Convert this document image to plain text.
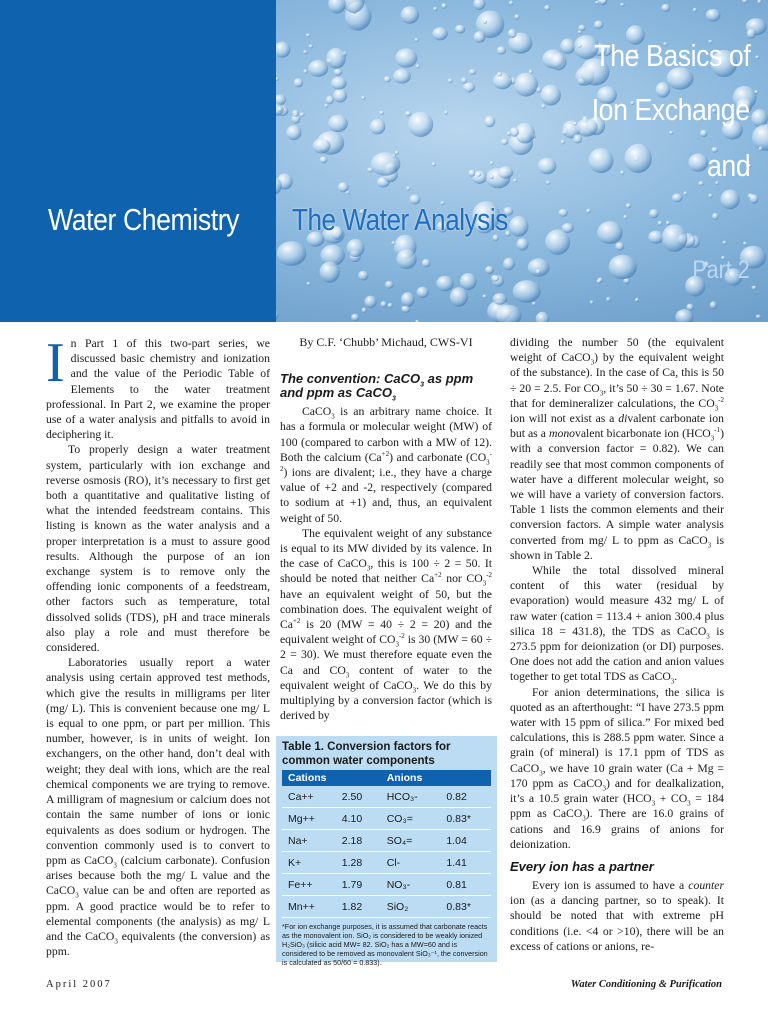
The Basics of
Ion Exchange
and
Water Chemistry
Part 2
The Water Analysis

In Part 1 of this two-part series, we discussed basic chemistry and ionization and the value of the Periodic Table of Elements to the water treatment professional. In Part 2, we examine the proper use of a water analysis and pitfalls to avoid in deciphering it.

To properly design a water treatment system, particularly with ion exchange and reverse osmosis (RO), it’s necessary to first get both a quantitative and qualitative listing of what the intended feedstream contains. This listing is known as the water analysis and a proper interpretation is a must to assure good results. Although the purpose of an ion exchange system is to remove only the offending ionic components of a feedstream, other factors such as temperature, total dissolved solids (TDS), pH and trace minerals also play a role and must therefore be considered.

Laboratories usually report a water analysis using certain approved test methods, which give the results in milligrams per liter (mg/ L). This is convenient because one mg/ L is equal to one ppm, or part per million. This number, however, is in units of weight. Ion exchangers, on the other hand, don’t deal with weight; they deal with ions, which are the real chemical components we are trying to remove. A milligram of magnesium or calcium does not contain the same number of ions or ionic equivalents as does sodium or hydrogen. The convention commonly used is to convert to ppm as CaCO$_3$ (calcium carbonate). Confusion arises because both the mg/ L value and the CaCO$_3$ value can be and often are reported as ppm. A good practice would be to refer to elemental components (the analysis) as mg/ L and the CaCO$_3$ equivalents (the conversion) as ppm.

By C.F. ‘Chubb’ Michaud, CWS-VI
The convention: CaCO$_3$ as ppm and ppm as CaCO$_3$

CaCO$_3$ is an arbitrary name choice. It has a formula or molecular weight (MW) of 100 (compared to carbon with a MW of 12). Both the calcium $(Ca^{+2})$ and carbonate $(CO_3^{-2})$ ions are divalent; i.e., they have a charge value of +2 and -2, respectively (compared to sodium at +1) and, thus, an equivalent weight of 50.

The equivalent weight of any substance is equal to its MW divided by its valence. In the case of CaCO$_3$, this is 100 ÷ 2 = 50. It should be noted that neither $Ca^{+2}$ nor $CO_3^{-2}$ have an equivalent weight of 50, but the combination does. The equivalent weight of $Ca^{+2}$ is 20 (MW = 40 ÷ 2 = 20) and the equivalent weight of $CO_3^{-2}$ is 30 (MW = 60 ÷ 2 = 30). We must therefore equate even the Ca and $CO_3$ content of water to the equivalent weight of CaCO$_3$. We do this by multiplying by a conversion factor (which is derived by

Table 1. Conversion factors for common water components
Cations		Anions	
Ca++	2.50	HCO₃-	0.82
Mg++	4.10	CO₃=	0.83*
Na+	2.18	SO₄=	1.04
K+	1.28	Cl-	1.41
Fe++	1.79	NO₃-	0.81
Mn++	1.82	SiO₂	0.83*
*For ion exchange purposes, it is assumed that carbonate reacts as the monovalent ion. SiO₂ is considered to be weakly ionized H₂SiO₃ (silicic acid MW= 82. SiO₂ has a MW=60 and is considered to be removed as monovalent SiO₃⁻¹, the conversion is calculated as 50/60 = 0.833).

dividing the number 50 (the equivalent weight of CaCO$_3$) by the equivalent weight of the substance). In the case of Ca, this is 50 ÷ 20 = 2.5. For $CO_3$, it’s 50 ÷ 30 = 1.67. Note that for demineralizer calculations, the $CO_3^{-2}$ ion will not exist as a divalent carbonate ion but as a monovalent bicarbonate ion $(HCO_3^{-1})$ with a conversion factor = 0.82). We can readily see that most common components of water have a different molecular weight, so we will have a variety of conversion factors. Table 1 lists the common elements and their conversion factors. A simple water analysis converted from mg/ L to ppm as CaCO$_3$ is shown in Table 2.

While the total dissolved mineral content of this water (residual by evaporation) would measure 432 mg/ L of raw water (cation = 113.4 + anion 300.4 plus silica 18 = 431.8), the TDS as CaCO$_3$ is 273.5 ppm for deionization (or DI) purposes. One does not add the cation and anion values together to get total TDS as CaCO$_3$.

For anion determinations, the silica is quoted as an afterthought: “I have 273.5 ppm water with 15 ppm of silica.” For mixed bed calculations, this is 288.5 ppm water. Since a grain (of mineral) is 17.1 ppm of TDS as CaCO$_3$, we have 10 grain water (Ca + Mg = 170 ppm as CaCO$_3$) and for dealkalization, it’s a 10.5 grain water ($HCO_3 + CO_3 = 184$ ppm as CaCO$_3$). There are 16.0 grains of cations and 16.9 grains of anions for deionization.

Every ion has a partner

Every ion is assumed to have a counter ion (as a dancing partner, so to speak). It should be noted that with extreme pH conditions (i.e. <4 or >10), there will be an excess of cations or anions, re-

April 2007	Water Conditioning & Purification
